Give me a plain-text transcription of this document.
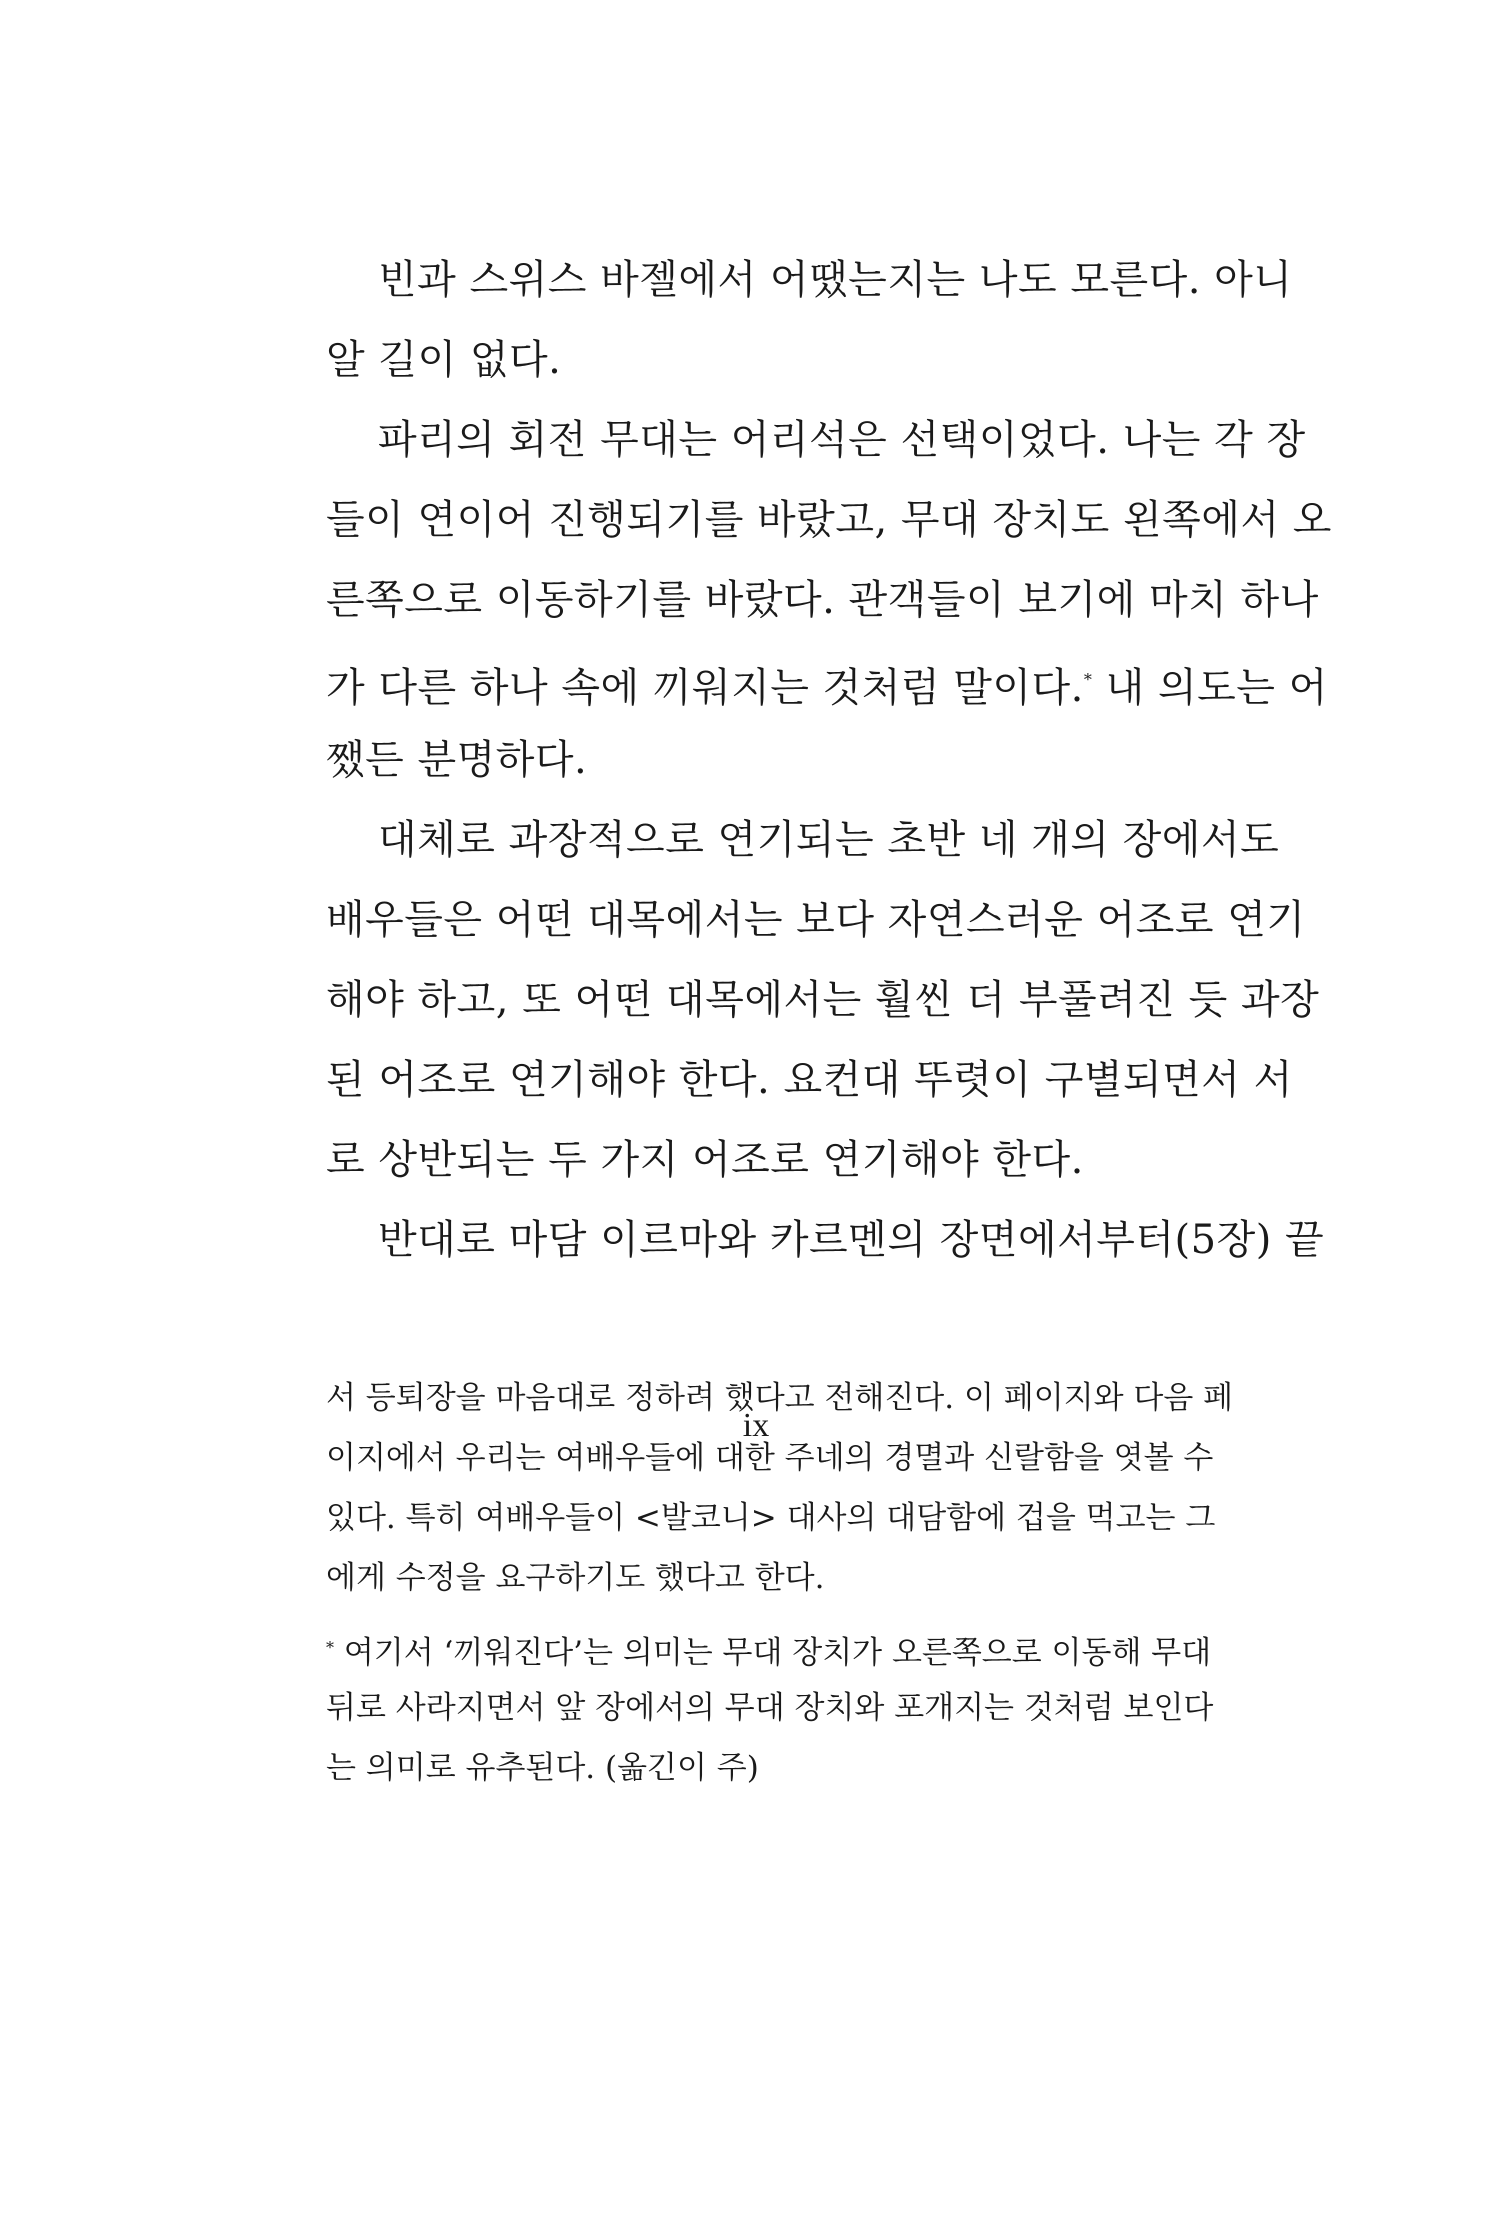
빈과 스위스 바젤에서 어땠는지는 나도 모른다. 아니
알 길이 없다.
파리의 회전 무대는 어리석은 선택이었다. 나는 각 장
들이 연이어 진행되기를 바랐고, 무대 장치도 왼쪽에서 오
른쪽으로 이동하기를 바랐다. 관객들이 보기에 마치 하나
가 다른 하나 속에 끼워지는 것처럼 말이다.* 내 의도는 어
쨌든 분명하다.
대체로 과장적으로 연기되는 초반 네 개의 장에서도
배우들은 어떤 대목에서는 보다 자연스러운 어조로 연기
해야 하고, 또 어떤 대목에서는 훨씬 더 부풀려진 듯 과장
된 어조로 연기해야 한다. 요컨대 뚜렷이 구별되면서 서
로 상반되는 두 가지 어조로 연기해야 한다.
반대로 마담 이르마와 카르멘의 장면에서부터(5장) 끝
서 등퇴장을 마음대로 정하려 했다고 전해진다. 이 페이지와 다음 페
이지에서 우리는 여배우들에 대한 주네의 경멸과 신랄함을 엿볼 수
있다. 특히 여배우들이 <발코니> 대사의 대담함에 겁을 먹고는 그
에게 수정을 요구하기도 했다고 한다.
* 여기서 ‘끼워진다’는 의미는 무대 장치가 오른쪽으로 이동해 무대
뒤로 사라지면서 앞 장에서의 무대 장치와 포개지는 것처럼 보인다
는 의미로 유추된다. (옮긴이 주)
ix
